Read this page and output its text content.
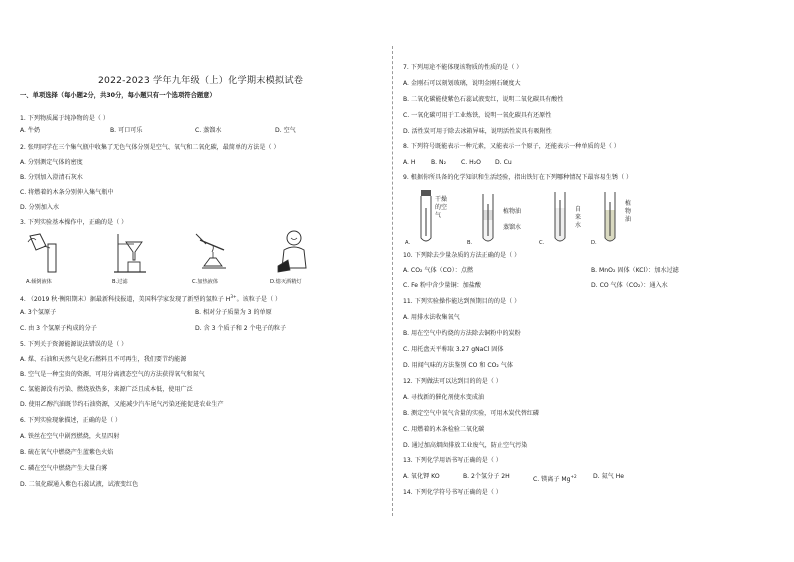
2022-2023 学年九年级（上）化学期末模拟试卷
一、单项选择（每小题2分，共30分，每小题只有一个选项符合题意）
1. 下列物质属于纯净物的是（ ）
A. 牛奶	B. 可口可乐	C. 蒸馏水	D. 空气
2. 张明同学在三个集气瓶中收集了无色气体分别是空气、氧气和二氧化碳，最简单的方法是（ ）
A. 分别测定气体的密度
B. 分别加入澄清石灰水
C. 将燃着的木条分别伸入集气瓶中
D. 分别加入水
3. 下列实验基本操作中，正确的是（ ）
A.倾倒液体	B.过滤	C.加热液体	D.熄灭酒精灯
4. （2019 秋·衡阳期末）据最新科技报道，美国科学家发现了新型的氢粒子 $H^{3+}$。该粒子是（ ）
A. 3个氢原子	B. 相对分子质量为 3 的单原
C. 由 3 个氢原子构成的分子	D. 含 3 个质子和 2 个电子的粒子
5. 下列关于资源能源说法错误的是（ ）
A. 煤、石油和天然气是化石燃料且不可再生，我们要节约能源
B. 空气是一种宝贵的资源，可用分离液态空气的方法获得氧气和氮气
C. 氢能源没有污染、燃烧放热多，来源广泛且成本低，使用广泛
D. 使用乙醇汽油既节约石油资源，又能减少汽车尾气污染还能促进农业生产
6. 下列实验现象描述，正确的是（ ）
A. 铁丝在空气中剧烈燃烧，火星四射
B. 硫在氧气中燃烧产生蓝紫色火焰
C. 磷在空气中燃烧产生大量白雾
D. 二氧化碳通入紫色石蕊试液，试液变红色
7. 下列用途不能体现该物质的性质的是（ ）
A. 金刚石可以刻划玻璃，说明金刚石硬度大
B. 二氧化碳能使紫色石蕊试液变红，说明二氧化碳具有酸性
C. 一氧化碳可用于工业炼铁，说明一氧化碳具有还原性
D. 活性炭可用于除去冰箱异味，说明活性炭具有吸附性
8. 下列符号既能表示一种元素，又能表示一个原子，还能表示一种单质的是（ ）
A. H	B. N₂ C. H₂O D. Cu
9. 根据你所具备的化学知识和生活经验，指出铁钉在下列哪种情况下最容易生锈（ ）
干燥的空气
植物油
蒸馏水
自来水
植物油
A.	B.	C.	D.
10. 下列除去少量杂质的方法正确的是（ ）
A. CO₂ 气体（CO）：点燃	B. MnO₂ 固体（KCl）：加水过滤
C. Fe 粉中含少量铜：加盐酸	D. CO 气体（CO₂）：通入水
11. 下列实验操作能达到预期目的的是（ ）
A. 用排水法收集氧气
B. 用在空气中灼烧的方法除去铜粉中的炭粉
C. 用托盘天平称取 3.27 gNaCl 固体
D. 用闻气味的方法鉴别 CO 和 CO₂ 气体
12. 下列做法可以达到目的的是（ ）
A. 寻找新的催化剂使水变成油
B. 测定空气中氧气含量的实验，可用木炭代替红磷
C. 用燃着的木条检验二氧化碳
D. 通过加高烟囱排放工业废气，防止空气污染
13. 下列化学用语书写正确的是（ ）
A. 氧化钾 KO	B. 2个氢分子 2H	C. 镁离子 $Mg^{+2}$	D. 氦气 He
14. 下列化学符号书写正确的是（ ）
